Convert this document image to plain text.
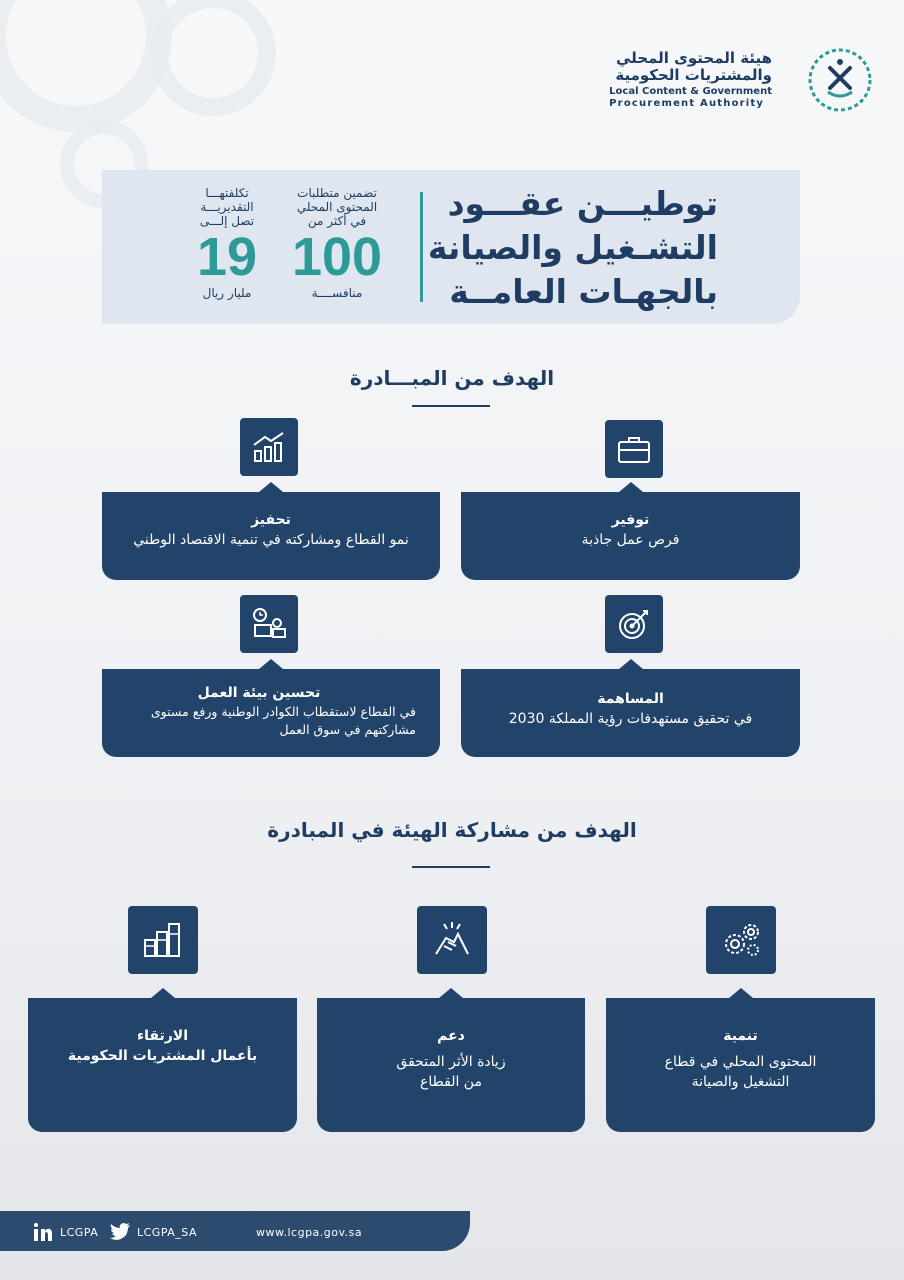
هيئة المحتوى المحلي
والمشتريات الحكومية
Local Content & Government
Procurement Authority
توطيـــن عقـــود
التشـغيل والصيانة
بالجهـات العامــة
تضمين متطلبات
المحتوى المحلي
في أكثر من
100
منافســــة
تكلفتهـــا
التقديريـــة
تصل إلـــى
19
مليار ريال
الهدف من المبـــادرة
توفير
فرص عمل جاذبة
تحفيز
نمو القطاع ومشاركته في تنمية الاقتصاد الوطني
المساهمة
في تحقيق مستهدفات رؤية المملكة 2030
تحسين بيئة العمل
في القطاع لاستقطاب الكوادر الوطنية ورفع مستوى
مشاركتهم في سوق العمل
الهدف من مشاركة الهيئة في المبادرة
تنمية
المحتوى المحلي في قطاع
التشغيل والصيانة
دعم
زيادة الأثر المتحقق
من القطاع
الارتقاء
بأعمال المشتريات الحكومية
LCGPA	LCGPA_SA	www.lcgpa.gov.sa
